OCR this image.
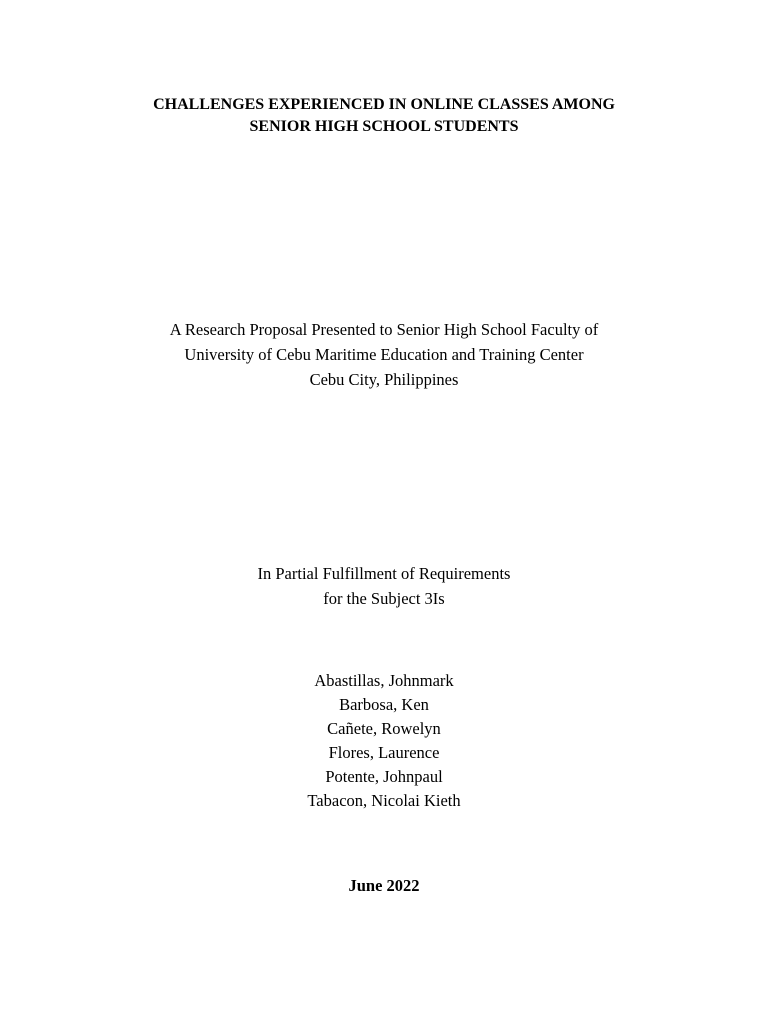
CHALLENGES EXPERIENCED IN ONLINE CLASSES AMONG
SENIOR HIGH SCHOOL STUDENTS
A Research Proposal Presented to Senior High School Faculty of
University of Cebu Maritime Education and Training Center
Cebu City, Philippines
In Partial Fulfillment of Requirements
for the Subject 3Is
Abastillas, Johnmark
Barbosa, Ken
Cañete, Rowelyn
Flores, Laurence
Potente, Johnpaul
Tabacon, Nicolai Kieth
June 2022
